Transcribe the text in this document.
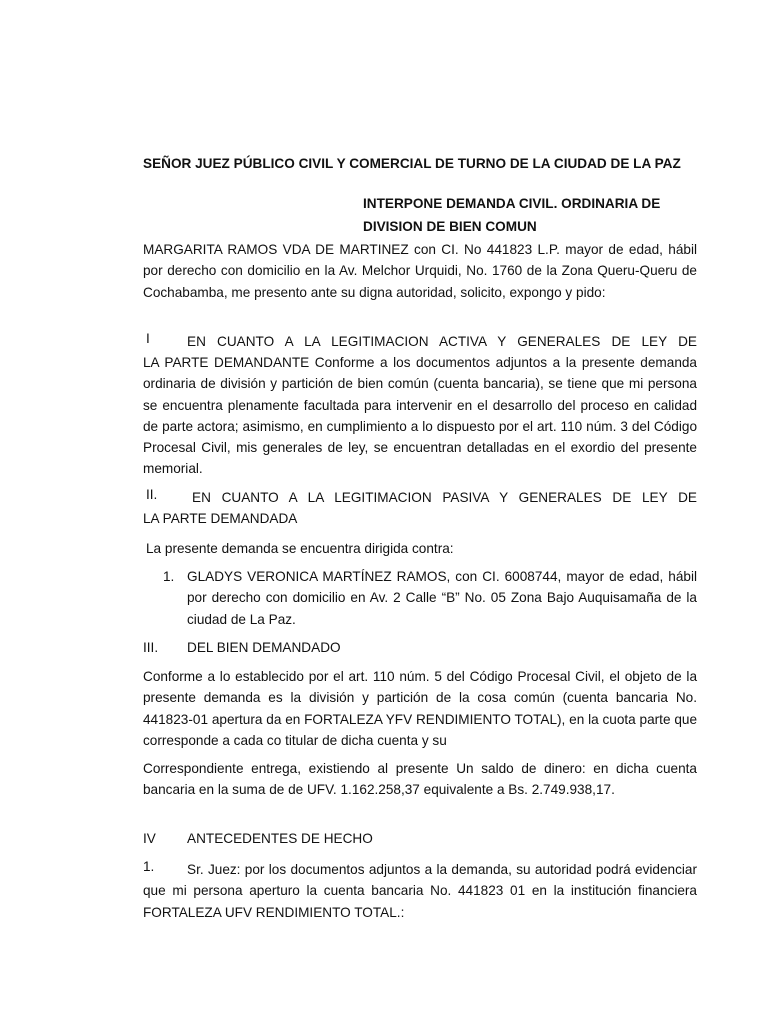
SEÑOR JUEZ PÚBLICO CIVIL Y COMERCIAL DE TURNO DE LA CIUDAD DE LA PAZ
INTERPONE DEMANDA CIVIL. ORDINARIA DE
DIVISION DE BIEN COMUN
MARGARITA RAMOS VDA DE MARTINEZ con CI. No 441823 L.P. mayor de edad, hábil por derecho con domicilio en la Av. Melchor Urquidi, No. 1760 de la Zona Queru-Queru de Cochabamba, me presento ante su digna autoridad, solicito, expongo y pido:
I	EN CUANTO A LA LEGITIMACION ACTIVA Y GENERALES DE LEY DE
LA PARTE DEMANDANTE Conforme a los documentos adjuntos a la presente demanda ordinaria de división y partición de bien común (cuenta bancaria), se tiene que mi persona se encuentra plenamente facultada para intervenir en el desarrollo del proceso en calidad de parte actora; asimismo, en cumplimiento a lo dispuesto por el art. 110 núm. 3 del Código Procesal Civil, mis generales de ley, se encuentran detalladas en el exordio del presente memorial.
II.	EN CUANTO A LA LEGITIMACION PASIVA Y GENERALES DE LEY DE
LA PARTE DEMANDADA
La presente demanda se encuentra dirigida contra:
1. GLADYS VERONICA MARTÍNEZ RAMOS, con CI. 6008744, mayor de edad, hábil por derecho con domicilio en Av. 2 Calle “B” No. 05 Zona Bajo Auquisamaña de la ciudad de La Paz.
III. DEL BIEN DEMANDADO
Conforme a lo establecido por el art. 110 núm. 5 del Código Procesal Civil, el objeto de la presente demanda es la división y partición de la cosa común (cuenta bancaria No. 441823-01 apertura da en FORTALEZA YFV RENDIMIENTO TOTAL), en la cuota parte que corresponde a cada co titular de dicha cuenta y su
Correspondiente entrega, existiendo al presente Un saldo de dinero: en dicha cuenta bancaria en la suma de de UFV. 1.162.258,37 equivalente a Bs. 2.749.938,17.
IV ANTECEDENTES DE HECHO
1.	Sr. Juez: por los documentos adjuntos a la demanda, su autoridad podrá evidenciar que mi persona aperturo la cuenta bancaria No. 441823 01 en la institución financiera FORTALEZA UFV RENDIMIENTO TOTAL.:
